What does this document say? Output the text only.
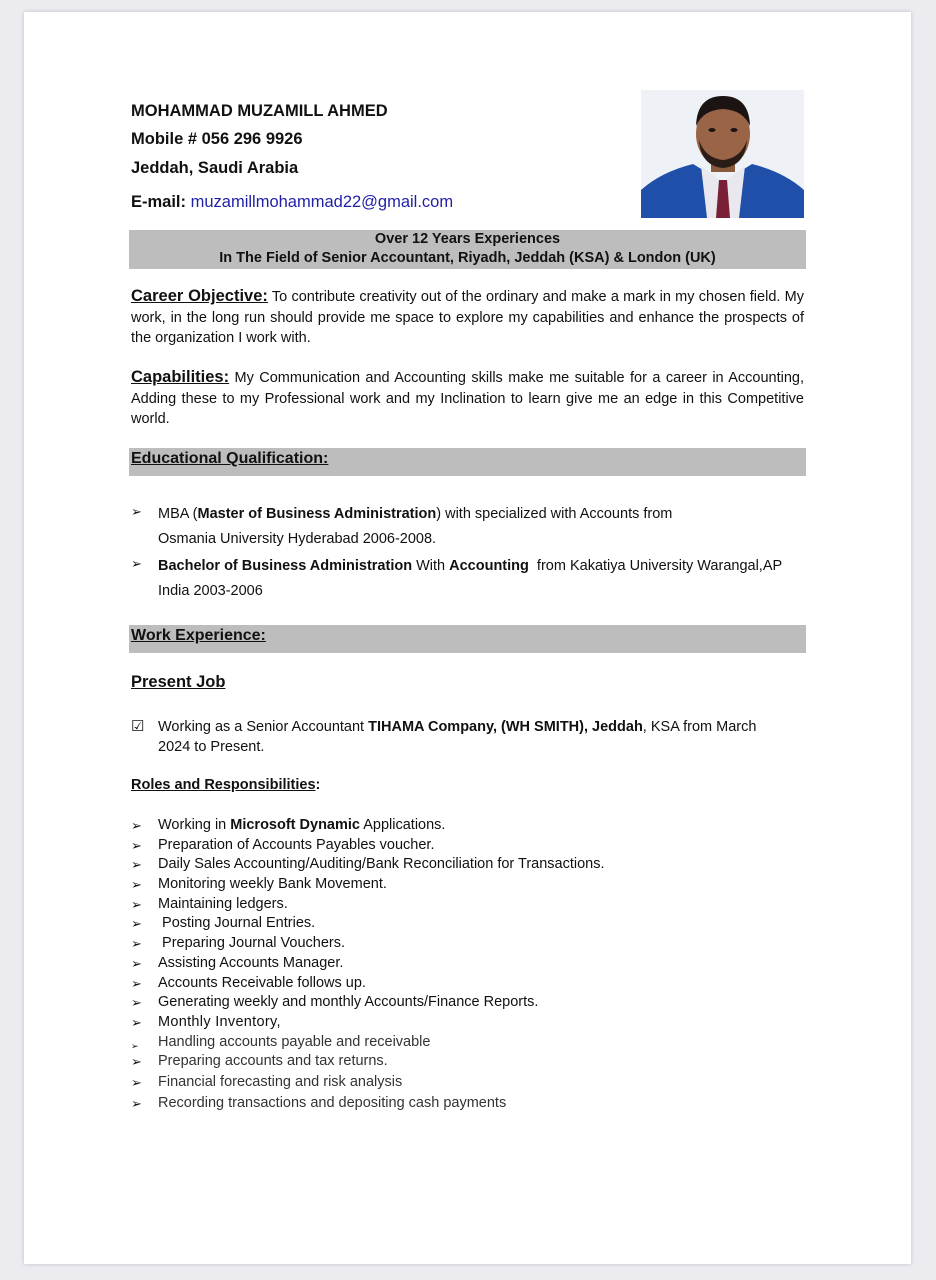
MOHAMMAD MUZAMILL AHMED
Mobile # 056 296 9926
Jeddah, Saudi Arabia
E-mail: muzamillmohammad22@gmail.com
Over 12 Years Experiences
In The Field of Senior Accountant, Riyadh, Jeddah (KSA) & London (UK)

Career Objective: To contribute creativity out of the ordinary and make a mark in my chosen field. My work, in the long run should provide me space to explore my capabilities and enhance the prospects of the organization I work with.

Capabilities: My Communication and Accounting skills make me suitable for a career in Accounting, Adding these to my Professional work and my Inclination to learn give me an edge in this Competitive world.

Educational Qualification:
➢ MBA (Master of Business Administration) with specialized with Accounts from
Osmania University Hyderabad 2006-2008.
➢ Bachelor of Business Administration With Accounting  from Kakatiya University Warangal,AP
India 2003-2006
Work Experience:
Present Job
☑ Working as a Senior Accountant TIHAMA Company, (WH SMITH), Jeddah, KSA from March
2024 to Present.
Roles and Responsibilities:
➢ Working in Microsoft Dynamic Applications.
➢ Preparation of Accounts Payables voucher.
➢ Daily Sales Accounting/Auditing/Bank Reconciliation for Transactions.
➢ Monitoring weekly Bank Movement.
➢ Maintaining ledgers.
➢ Posting Journal Entries.
➢ Preparing Journal Vouchers.
➢ Assisting Accounts Manager.
➢ Accounts Receivable follows up.
➢ Generating weekly and monthly Accounts/Finance Reports.
➢ Monthly Inventory,
➢ Handling accounts payable and receivable
➢ Preparing accounts and tax returns.
➢ Financial forecasting and risk analysis
➢ Recording transactions and depositing cash payments
